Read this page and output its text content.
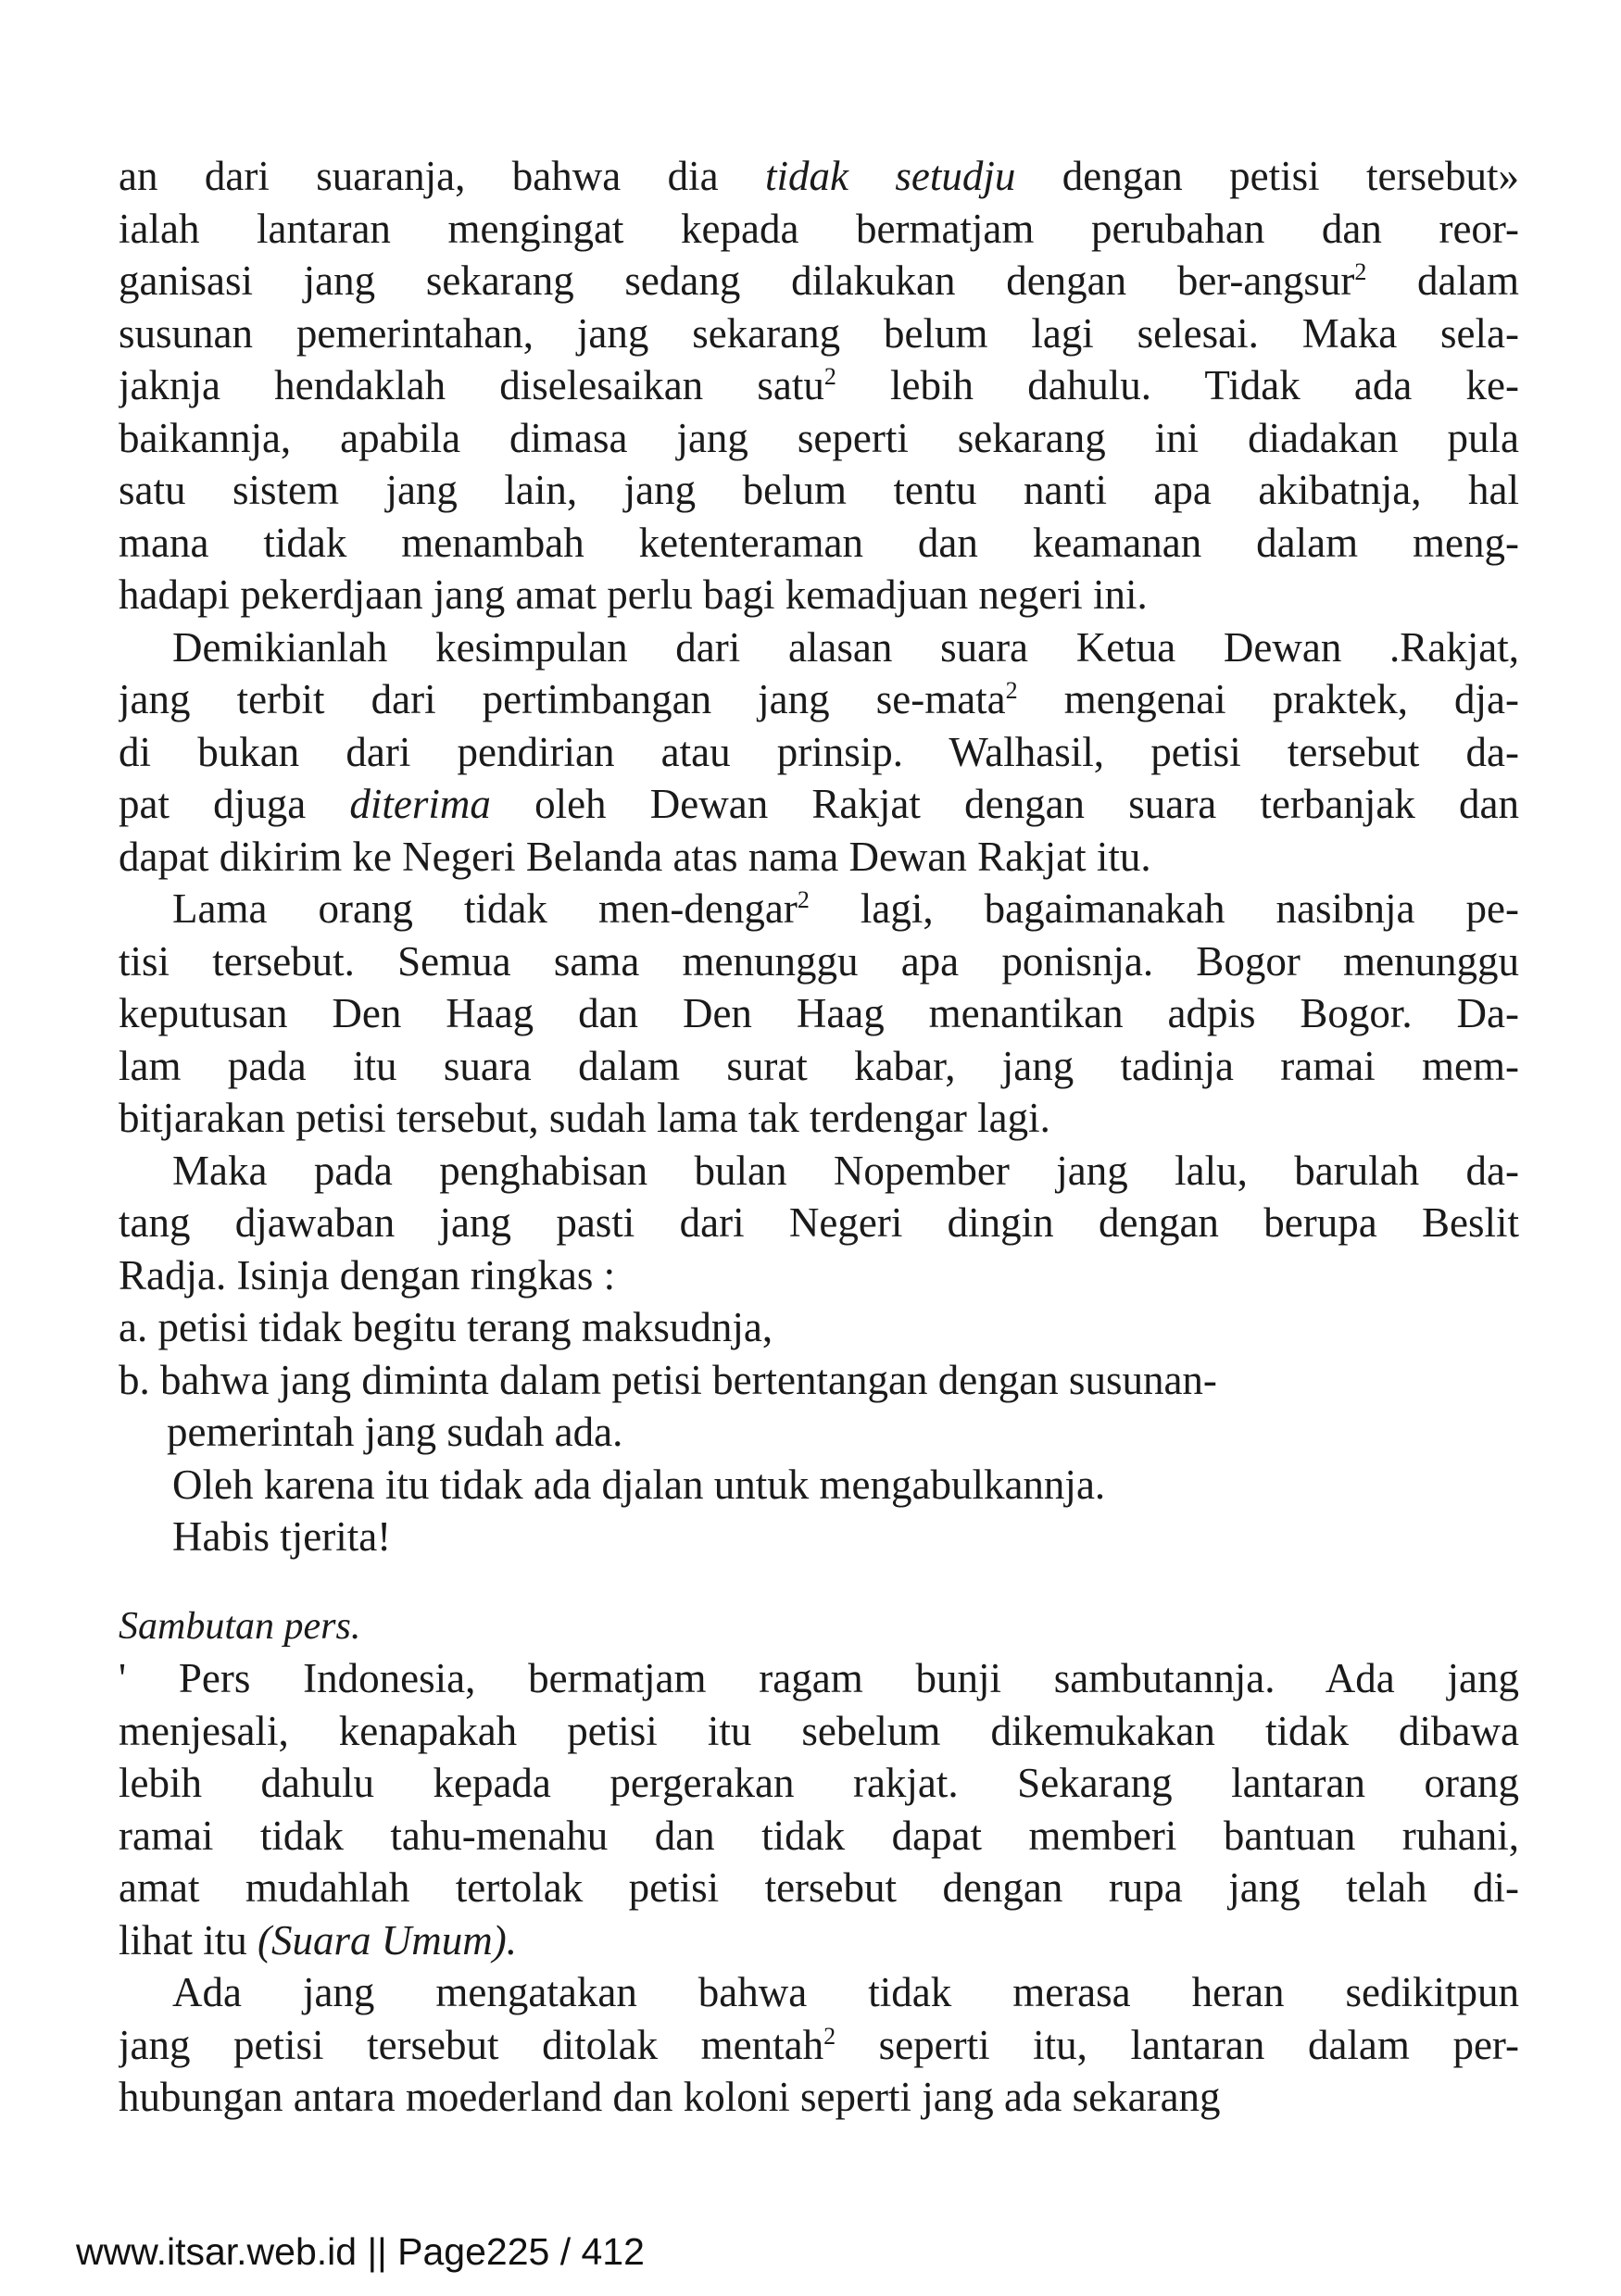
an dari suaranja, bahwa dia tidak setudju dengan petisi tersebut»
ialah lantaran mengingat kepada bermatjam perubahan dan reor-
ganisasi jang sekarang sedang dilakukan dengan ber-angsur$^2$ dalam
susunan pemerintahan, jang sekarang belum lagi selesai. Maka sela-
jaknja hendaklah diselesaikan satu$^2$ lebih dahulu. Tidak ada ke-
baikannja, apabila dimasa jang seperti sekarang ini diadakan pula
satu sistem jang lain, jang belum tentu nanti apa akibatnja, hal
mana tidak menambah ketenteraman dan keamanan dalam meng-
hadapi pekerdjaan jang amat perlu bagi kemadjuan negeri ini.
Demikianlah kesimpulan dari alasan suara Ketua Dewan .Rakjat,
jang terbit dari pertimbangan jang se-mata$^2$ mengenai praktek, dja-
di bukan dari pendirian atau prinsip. Walhasil, petisi tersebut da-
pat djuga diterima oleh Dewan Rakjat dengan suara terbanjak dan
dapat dikirim ke Negeri Belanda atas nama Dewan Rakjat itu.
Lama orang tidak men-dengar$^2$ lagi, bagaimanakah nasibnja pe-
tisi tersebut. Semua sama menunggu apa ponisnja. Bogor menunggu
keputusan Den Haag dan Den Haag menantikan adpis Bogor. Da-
lam pada itu suara dalam surat kabar, jang tadinja ramai mem-
bitjarakan petisi tersebut, sudah lama tak terdengar lagi.
Maka pada penghabisan bulan Nopember jang lalu, barulah da-
tang djawaban jang pasti dari Negeri dingin dengan berupa Beslit
Radja. Isinja dengan ringkas :
a. petisi tidak begitu terang maksudnja,
b. bahwa jang diminta dalam petisi bertentangan dengan susunan-
pemerintah jang sudah ada.
Oleh karena itu tidak ada djalan untuk mengabulkannja.
Habis tjerita!
Sambutan pers.
' Pers Indonesia, bermatjam ragam bunji sambutannja. Ada jang
menjesali, kenapakah petisi itu sebelum dikemukakan tidak dibawa
lebih dahulu kepada pergerakan rakjat. Sekarang lantaran orang
ramai tidak tahu-menahu dan tidak dapat memberi bantuan ruhani,
amat mudahlah tertolak petisi tersebut dengan rupa jang telah di-
lihat itu (Suara Umum).
Ada jang mengatakan bahwa tidak merasa heran sedikitpun
jang petisi tersebut ditolak mentah$^2$ seperti itu, lantaran dalam per-
hubungan antara moederland dan koloni seperti jang ada sekarang
www.itsar.web.id || Page225 / 412
